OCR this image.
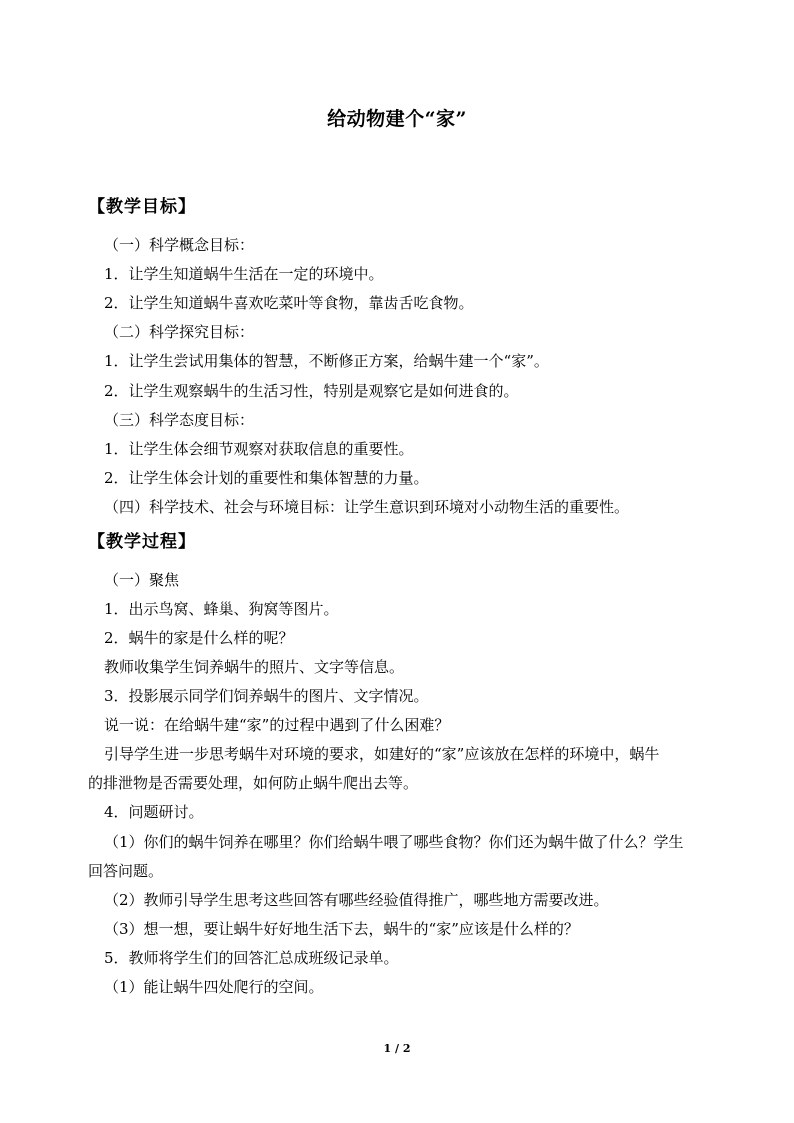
给动物建个“家”
【教学目标】
（一）科学概念目标：
1．让学生知道蜗牛生活在一定的环境中。
2．让学生知道蜗牛喜欢吃菜叶等食物，靠齿舌吃食物。
（二）科学探究目标：
1．让学生尝试用集体的智慧，不断修正方案，给蜗牛建一个“家”。
2．让学生观察蜗牛的生活习性，特别是观察它是如何进食的。
（三）科学态度目标：
1．让学生体会细节观察对获取信息的重要性。
2．让学生体会计划的重要性和集体智慧的力量。
（四）科学技术、社会与环境目标：让学生意识到环境对小动物生活的重要性。
【教学过程】
（一）聚焦
1．出示鸟窝、蜂巢、狗窝等图片。
2．蜗牛的家是什么样的呢？
教师收集学生饲养蜗牛的照片、文字等信息。
3．投影展示同学们饲养蜗牛的图片、文字情况。
说一说：在给蜗牛建“家”的过程中遇到了什么困难？
引导学生进一步思考蜗牛对环境的要求，如建好的“家”应该放在怎样的环境中，蜗牛
的排泄物是否需要处理，如何防止蜗牛爬出去等。
4．问题研讨。
（1）你们的蜗牛饲养在哪里？你们给蜗牛喂了哪些食物？你们还为蜗牛做了什么？学生
回答问题。
（2）教师引导学生思考这些回答有哪些经验值得推广，哪些地方需要改进。
（3）想一想，要让蜗牛好好地生活下去，蜗牛的“家”应该是什么样的？
5．教师将学生们的回答汇总成班级记录单。
（1）能让蜗牛四处爬行的空间。
1 / 2
